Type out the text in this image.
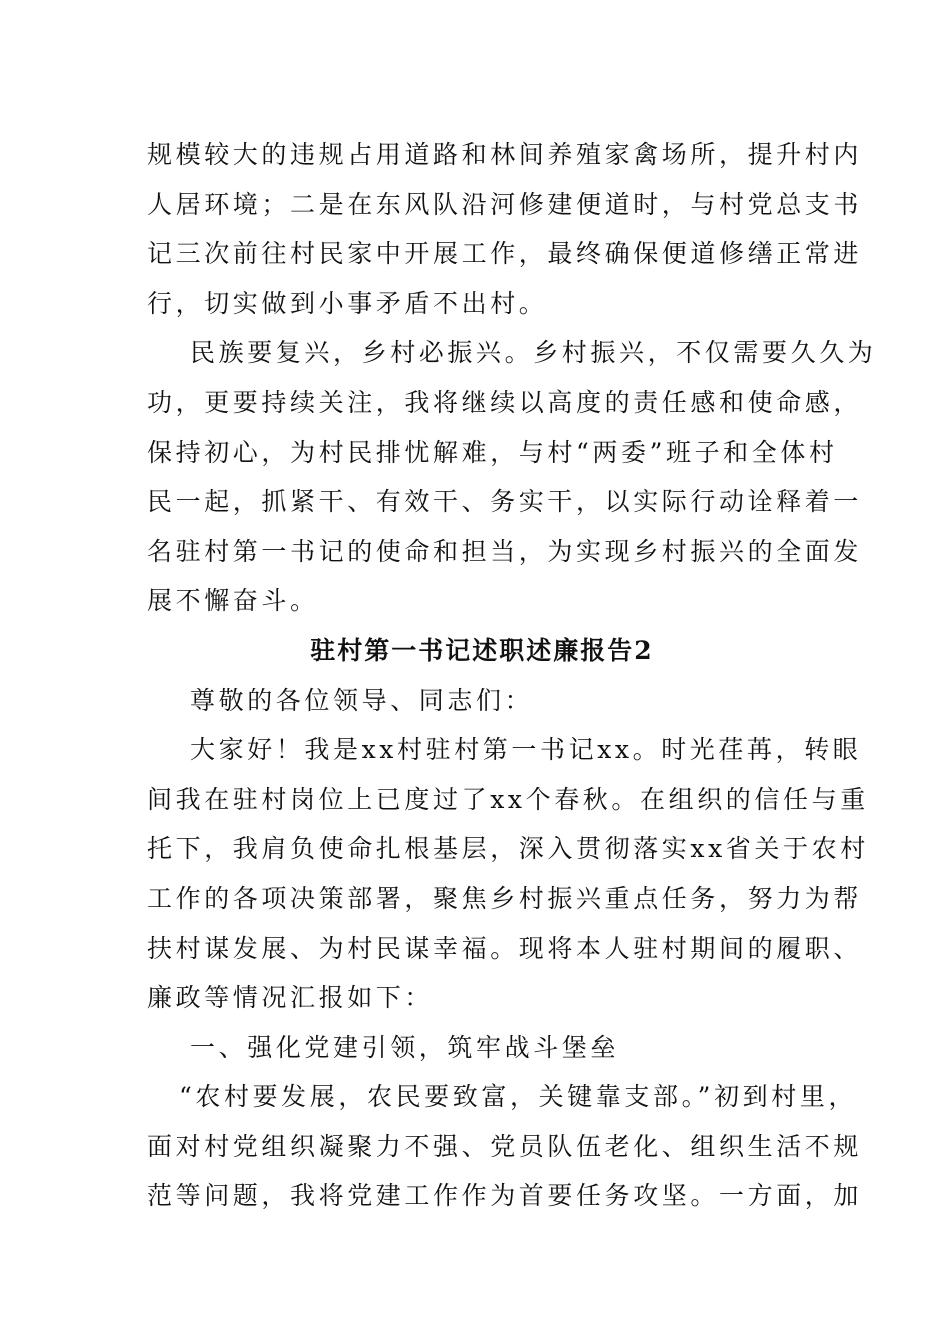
规模较大的违规占用道路和林间养殖家禽场所，提升村内
人居环境；二是在东风队沿河修建便道时，与村党总支书
记三次前往村民家中开展工作，最终确保便道修缮正常进
行，切实做到小事矛盾不出村。
民族要复兴，乡村必振兴。乡村振兴，不仅需要久久为
功，更要持续关注，我将继续以高度的责任感和使命感，
保持初心，为村民排忧解难，与村“两委”班子和全体村
民一起，抓紧干、有效干、务实干，以实际行动诠释着一
名驻村第一书记的使命和担当，为实现乡村振兴的全面发
展不懈奋斗。
驻村第一书记述职述廉报告2
尊敬的各位领导、同志们：
大家好！我是xx村驻村第一书记xx。时光荏苒，转眼
间我在驻村岗位上已度过了xx个春秋。在组织的信任与重
托下，我肩负使命扎根基层，深入贯彻落实xx省关于农村
工作的各项决策部署，聚焦乡村振兴重点任务，努力为帮
扶村谋发展、为村民谋幸福。现将本人驻村期间的履职、
廉政等情况汇报如下：
一、强化党建引领，筑牢战斗堡垒
“农村要发展，农民要致富，关键靠支部。”初到村里，
面对村党组织凝聚力不强、党员队伍老化、组织生活不规
范等问题，我将党建工作作为首要任务攻坚。一方面，加
